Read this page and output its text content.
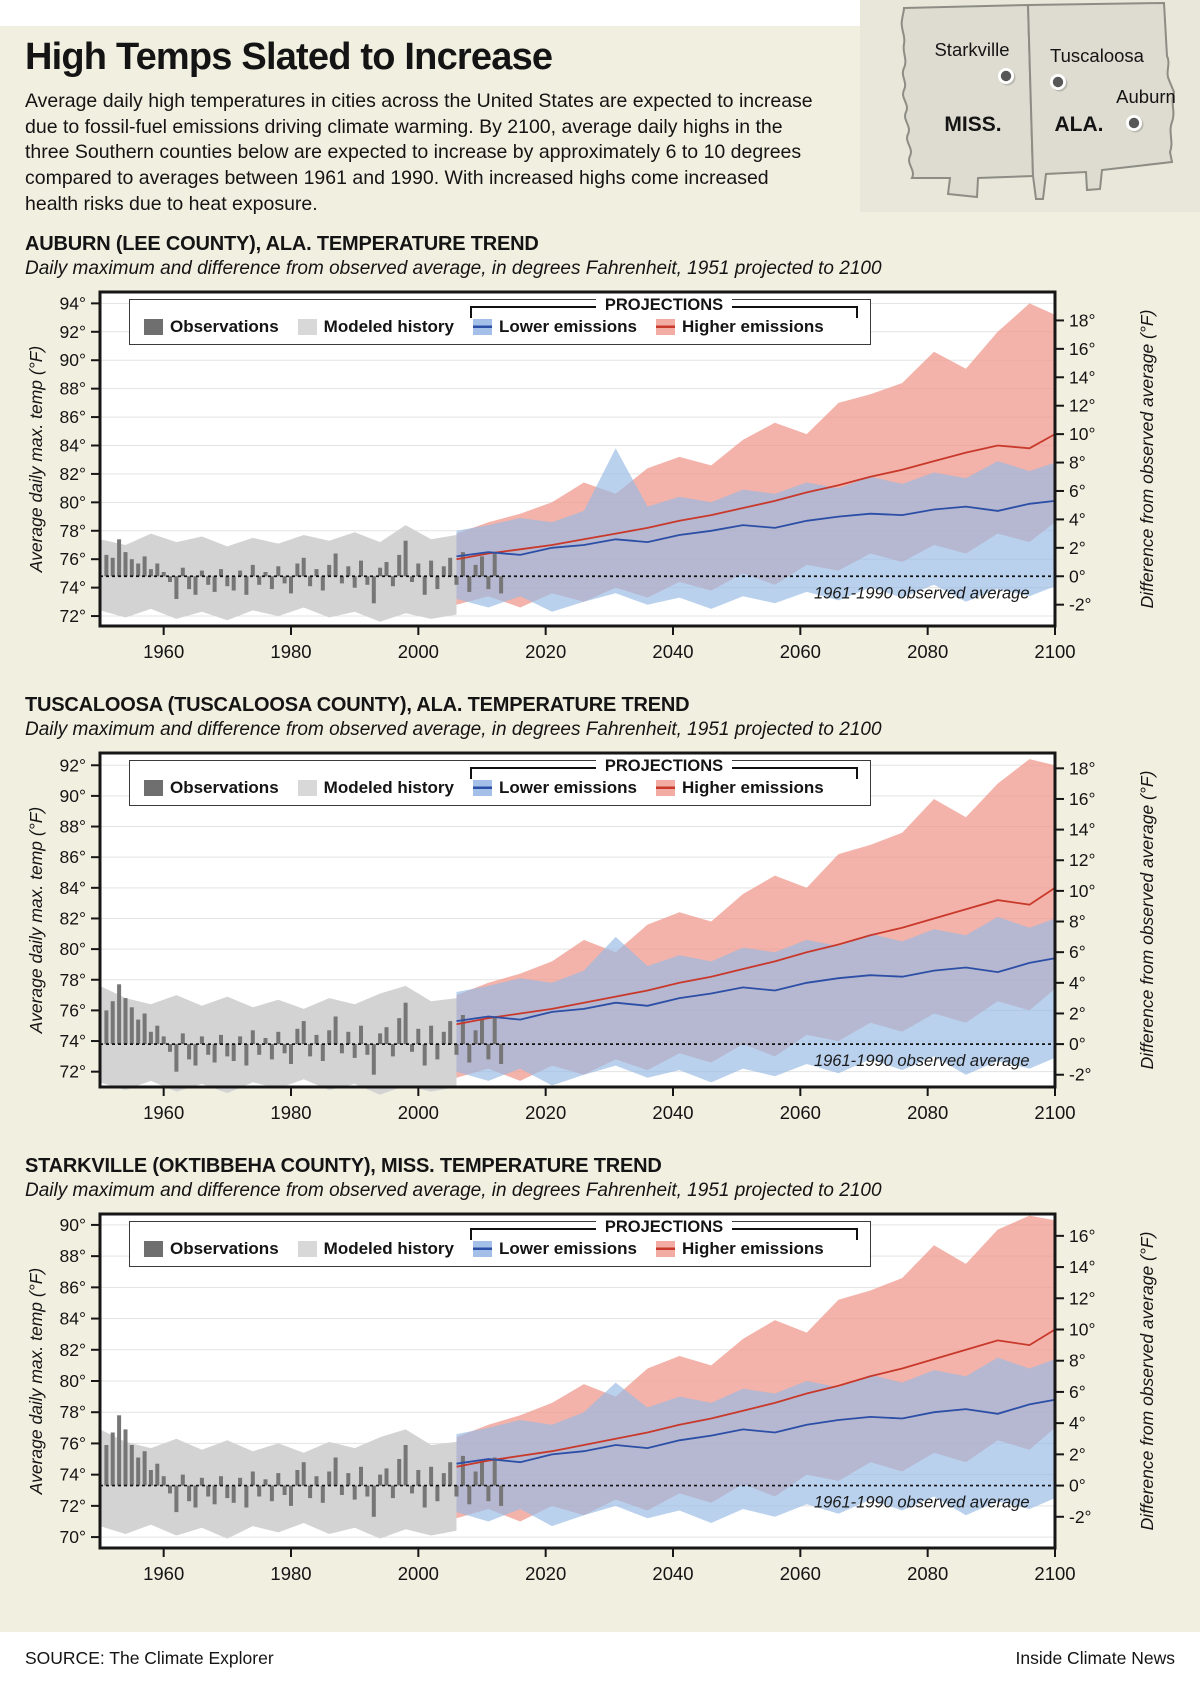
MISS.	ALA.
Starkville Tuscaloosa
Auburn
High Temps Slated to Increase

Average daily high temperatures in cities across the United States are expected to increase due to fossil-fuel emissions driving climate warming. By 2100, average daily highs in the three Southern counties below are expected to increase by approximately 6 to 10 degrees compared to averages between 1961 and 1990. With increased highs come increased health risks due to heat exposure.

AUBURN (LEE COUNTY), ALA. TEMPERATURE TREND

Daily maximum and difference from observed average, in degrees Fahrenheit, 1951 projected to 2100

1961-1990 observed average
94°
92°
90°
88°
86°
84°
82°
80°
78°
76°
74°
72°
18°
16°
14°
12°
10°
8°
6°
4°
2°
0°
-2°
1960	1980	2000	2020	2040	2060	2080	2100
Average daily max. temp (°F)	Difference from observed average (°F)
PROJECTIONS
Observations	Modeled history	Lower emissions	Higher emissions
TUSCALOOSA (TUSCALOOSA COUNTY), ALA. TEMPERATURE TREND

Daily maximum and difference from observed average, in degrees Fahrenheit, 1951 projected to 2100

1961-1990 observed average
92°
90°
88°
86°
84°
82°
80°
78°
76°
74°
72°
18°
16°
14°
12°
10°
8°
6°
4°
2°
0°
-2°
1960	1980	2000	2020	2040	2060	2080	2100
Average daily max. temp (°F)	Difference from observed average (°F)
PROJECTIONS
Observations	Modeled history	Lower emissions	Higher emissions
STARKVILLE (OKTIBBEHA COUNTY), MISS. TEMPERATURE TREND

Daily maximum and difference from observed average, in degrees Fahrenheit, 1951 projected to 2100

1961-1990 observed average
90°
88°
86°
84°
82°
80°
78°
76°
74°
72°
70°
16°
14°
12°
10°
8°
6°
4°
2°
0°
-2°
1960	1980	2000	2020	2040	2060	2080	2100
Average daily max. temp (°F)	Difference from observed average (°F)
PROJECTIONS
Observations	Modeled history	Lower emissions	Higher emissions
SOURCE: The Climate Explorer	Inside Climate News
